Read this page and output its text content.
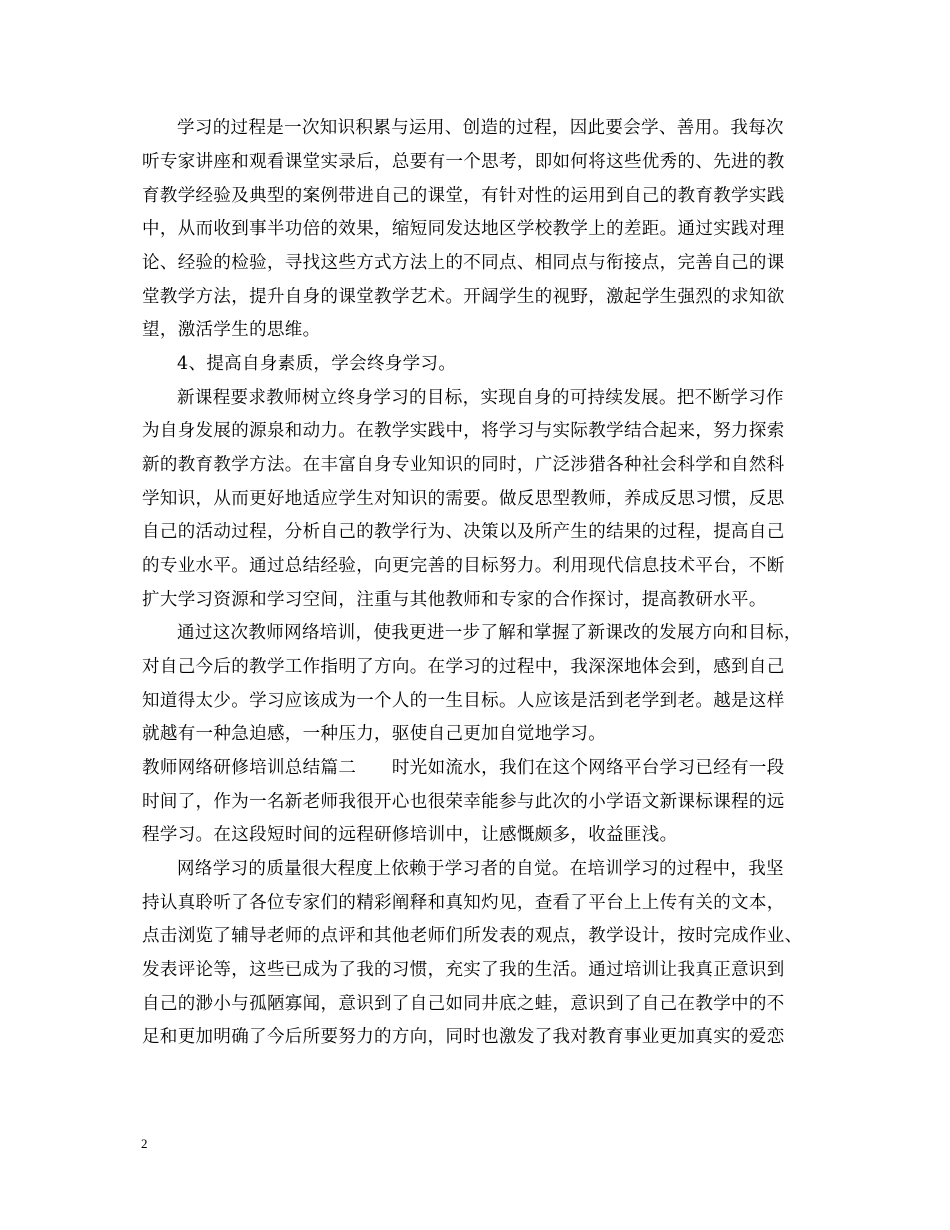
学习的过程是一次知识积累与运用、创造的过程，因此要会学、善用。我每次
听专家讲座和观看课堂实录后，总要有一个思考，即如何将这些优秀的、先进的教
育教学经验及典型的案例带进自己的课堂，有针对性的运用到自己的教育教学实践
中，从而收到事半功倍的效果，缩短同发达地区学校教学上的差距。通过实践对理
论、经验的检验，寻找这些方式方法上的不同点、相同点与衔接点，完善自己的课
堂教学方法，提升自身的课堂教学艺术。开阔学生的视野，激起学生强烈的求知欲
望，激活学生的思维。
4、提高自身素质，学会终身学习。
新课程要求教师树立终身学习的目标，实现自身的可持续发展。把不断学习作
为自身发展的源泉和动力。在教学实践中，将学习与实际教学结合起来，努力探索
新的教育教学方法。在丰富自身专业知识的同时，广泛涉猎各种社会科学和自然科
学知识，从而更好地适应学生对知识的需要。做反思型教师，养成反思习惯，反思
自己的活动过程，分析自己的教学行为、决策以及所产生的结果的过程，提高自己
的专业水平。通过总结经验，向更完善的目标努力。利用现代信息技术平台，不断
扩大学习资源和学习空间，注重与其他教师和专家的合作探讨，提高教研水平。
通过这次教师网络培训，使我更进一步了解和掌握了新课改的发展方向和目标，
对自己今后的教学工作指明了方向。在学习的过程中，我深深地体会到，感到自己
知道得太少。学习应该成为一个人的一生目标。人应该是活到老学到老。越是这样
就越有一种急迫感，一种压力，驱使自己更加自觉地学习。
教师网络研修培训总结篇二　　时光如流水，我们在这个网络平台学习已经有一段
时间了，作为一名新老师我很开心也很荣幸能参与此次的小学语文新课标课程的远
程学习。在这段短时间的远程研修培训中，让感慨颇多，收益匪浅。
网络学习的质量很大程度上依赖于学习者的自觉。在培训学习的过程中，我坚
持认真聆听了各位专家们的精彩阐释和真知灼见，查看了平台上上传有关的文本，
点击浏览了辅导老师的点评和其他老师们所发表的观点，教学设计，按时完成作业、
发表评论等，这些已成为了我的习惯，充实了我的生活。通过培训让我真正意识到
自己的渺小与孤陋寡闻，意识到了自己如同井底之蛙，意识到了自己在教学中的不
足和更加明确了今后所要努力的方向，同时也激发了我对教育事业更加真实的爱恋
2
